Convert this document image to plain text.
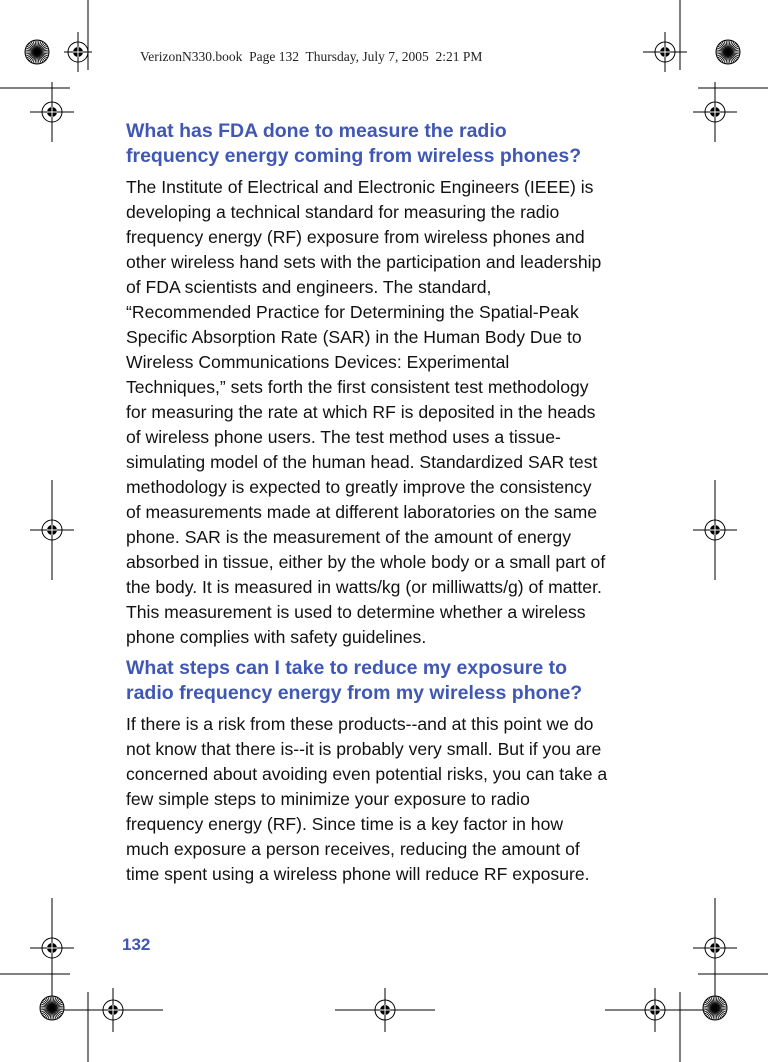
VerizonN330.book  Page 132  Thursday, July 7, 2005  2:21 PM
What has FDA done to measure the radio
frequency energy coming from wireless phones?

The Institute of Electrical and Electronic Engineers (IEEE) is
developing a technical standard for measuring the radio
frequency energy (RF) exposure from wireless phones and
other wireless hand sets with the participation and leadership
of FDA scientists and engineers. The standard,
“Recommended Practice for Determining the Spatial-Peak
Specific Absorption Rate (SAR) in the Human Body Due to
Wireless Communications Devices: Experimental
Techniques,” sets forth the first consistent test methodology
for measuring the rate at which RF is deposited in the heads
of wireless phone users. The test method uses a tissue-
simulating model of the human head. Standardized SAR test
methodology is expected to greatly improve the consistency
of measurements made at different laboratories on the same
phone. SAR is the measurement of the amount of energy
absorbed in tissue, either by the whole body or a small part of
the body. It is measured in watts/kg (or milliwatts/g) of matter.
This measurement is used to determine whether a wireless
phone complies with safety guidelines.

What steps can I take to reduce my exposure to
radio frequency energy from my wireless phone?

If there is a risk from these products--and at this point we do
not know that there is--it is probably very small. But if you are
concerned about avoiding even potential risks, you can take a
few simple steps to minimize your exposure to radio
frequency energy (RF). Since time is a key factor in how
much exposure a person receives, reducing the amount of
time spent using a wireless phone will reduce RF exposure.

132
